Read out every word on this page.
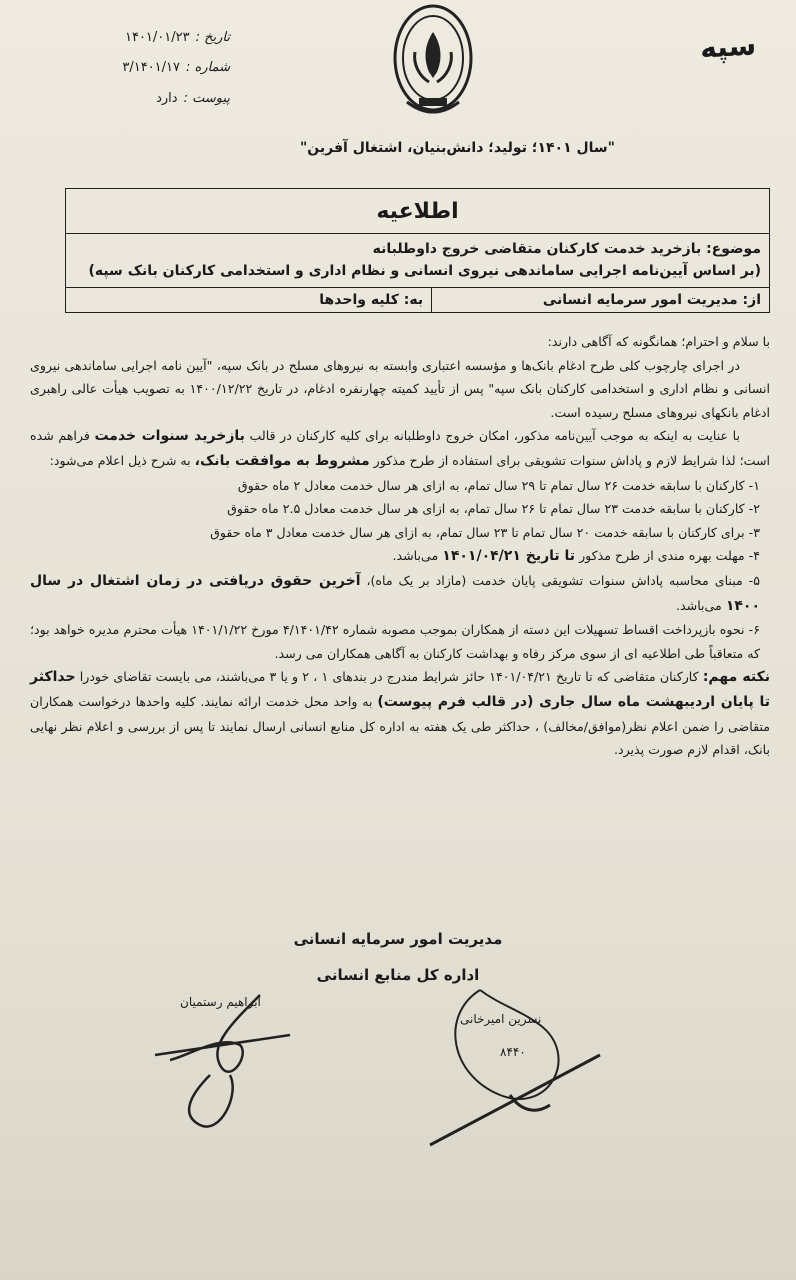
سپه
تاریخ :۱۴۰۱/۰۱/۲۳
شماره :۳/۱۴۰۱/۱۷
پیوست :دارد
"سال ۱۴۰۱؛ تولید؛ دانش‌بنیان، اشتغال آفرین"
اطلاعیه

موضوع: بازخرید خدمت کارکنان متقاضی خروج داوطلبانه
(بر اساس آیین‌نامه اجرایی ساماندهی نیروی انسانی و نظام اداری و استخدامی کارکنان بانک سپه)

از: مدیریت امور سرمایه انسانی	به: کلیه واحدها

با سلام و احترام؛ همانگونه که آگاهی دارند:

در اجرای چارچوب کلی طرح ادغام بانک‌ها و مؤسسه اعتباری وابسته به نیروهای مسلح در بانک سپه، "آیین نامه اجرایی ساماندهی نیروی انسانی و نظام اداری و استخدامی کارکنان بانک سپه" پس از تأیید کمیته چهارنفره ادغام، در تاریخ ۱۴۰۰/۱۲/۲۲ به تصویب هیأت عالی راهبری ادغام بانکهای نیروهای مسلح رسیده است.

با عنایت به اینکه به موجب آیین‌نامه مذکور، امکان خروج داوطلبانه برای کلیه کارکنان در قالب بازخرید سنوات خدمت فراهم شده است؛ لذا شرایط لازم و پاداش سنوات تشویقی برای استفاده از طرح مذکور مشروط به موافقت بانک، به شرح ذیل اعلام می‌شود:

۱- کارکنان با سابقه خدمت ۲۶ سال تمام تا ۲۹ سال تمام، به ازای هر سال خدمت معادل ۲ ماه حقوق

۲- کارکنان با سابقه خدمت ۲۳ سال تمام تا ۲۶ سال تمام، به ازای هر سال خدمت معادل ۲.۵ ماه حقوق

۳- برای کارکنان با سابقه خدمت ۲۰ سال تمام تا ۲۳ سال تمام، به ازای هر سال خدمت معادل ۳ ماه حقوق

۴- مهلت بهره مندی از طرح مذکور تا تاریخ ۱۴۰۱/۰۴/۲۱ می‌باشد.

۵- مبنای محاسبه پاداش سنوات تشویقی پایان خدمت (مازاد بر یک ماه)، آخرین حقوق دریافتی در زمان اشتغال در سال ۱۴۰۰ می‌باشد.

۶- نحوه بازپرداخت اقساط تسهیلات این دسته از همکاران بموجب مصوبه شماره ۴/۱۴۰۱/۴۲ مورخ ۱۴۰۱/۱/۲۲ هیأت محترم مدیره خواهد بود؛ که متعاقباً طی اطلاعیه ای از سوی مرکز رفاه و بهداشت کارکنان به آگاهی همکاران می رسد.

نکته مهم: کارکنان متقاضی که تا تاریخ ۱۴۰۱/۰۴/۲۱ حائز شرایط مندرج در بندهای ۱ ، ۲ و یا ۳ می‌باشند، می بایست تقاضای خودرا حداکثر تا پایان اردیبهشت ماه سال جاری (در قالب فرم پیوست) به واحد محل خدمت ارائه نمایند. کلیه واحدها درخواست همکاران متقاضی را ضمن اعلام نظر(موافق/مخالف) ، حداکثر طی یک هفته به اداره کل منابع انسانی ارسال نمایند تا پس از بررسی و اعلام نظر نهایی بانک، اقدام لازم صورت پذیرد.

مدیریت امور سرمایه انسانی
اداره کل منابع انسانی
ابراهیم رستمیان
نسرین امیرخانی
۸۴۴۰
